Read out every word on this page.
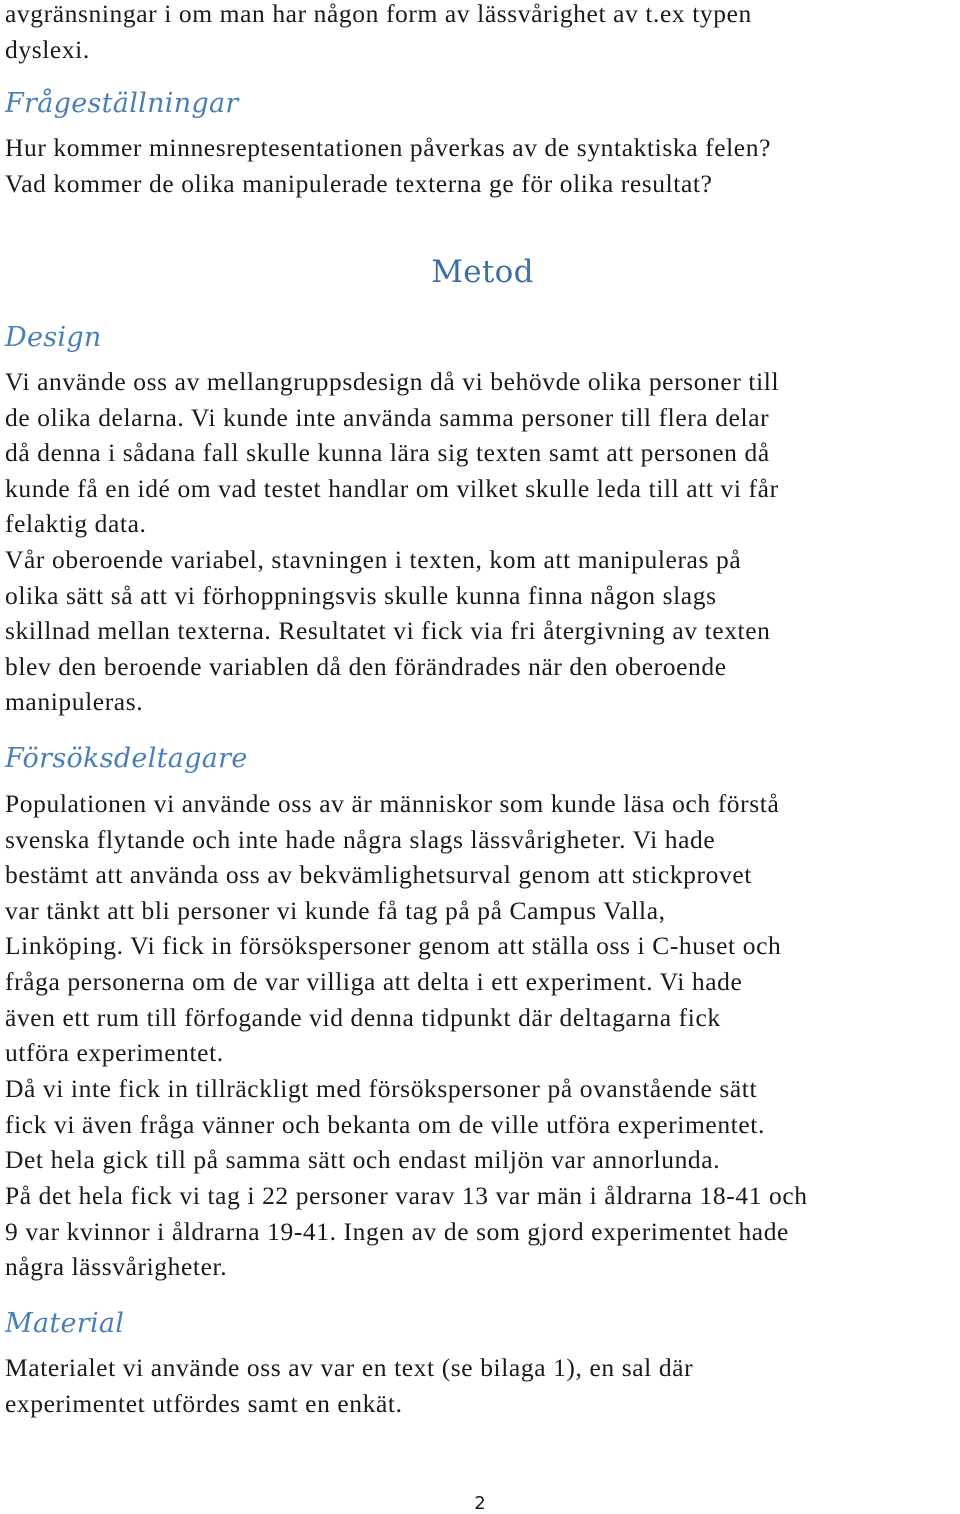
avgränsningar i om man har någon form av lässvårighet av t.ex typen
dyslexi.
Frågeställningar
Hur kommer minnesreptesentationen påverkas av de syntaktiska felen?
Vad kommer de olika manipulerade texterna ge för olika resultat?
Metod
Design
Vi använde oss av mellangruppsdesign då vi behövde olika personer till
de olika delarna. Vi kunde inte använda samma personer till flera delar
då denna i sådana fall skulle kunna lära sig texten samt att personen då
kunde få en idé om vad testet handlar om vilket skulle leda till att vi får
felaktig data.
Vår oberoende variabel, stavningen i texten, kom att manipuleras på
olika sätt så att vi förhoppningsvis skulle kunna finna någon slags
skillnad mellan texterna. Resultatet vi fick via fri återgivning av texten
blev den beroende variablen då den förändrades när den oberoende
manipuleras.
Försöksdeltagare
Populationen vi använde oss av är människor som kunde läsa och förstå
svenska flytande och inte hade några slags lässvårigheter. Vi hade
bestämt att använda oss av bekvämlighetsurval genom att stickprovet
var tänkt att bli personer vi kunde få tag på på Campus Valla,
Linköping. Vi fick in försökspersoner genom att ställa oss i C-huset och
fråga personerna om de var villiga att delta i ett experiment. Vi hade
även ett rum till förfogande vid denna tidpunkt där deltagarna fick
utföra experimentet.
Då vi inte fick in tillräckligt med försökspersoner på ovanstående sätt
fick vi även fråga vänner och bekanta om de ville utföra experimentet.
Det hela gick till på samma sätt och endast miljön var annorlunda.
På det hela fick vi tag i 22 personer varav 13 var män i åldrarna 18-41 och
9 var kvinnor i åldrarna 19-41. Ingen av de som gjord experimentet hade
några lässvårigheter.
Material
Materialet vi använde oss av var en text (se bilaga 1), en sal där
experimentet utfördes samt en enkät.
2
